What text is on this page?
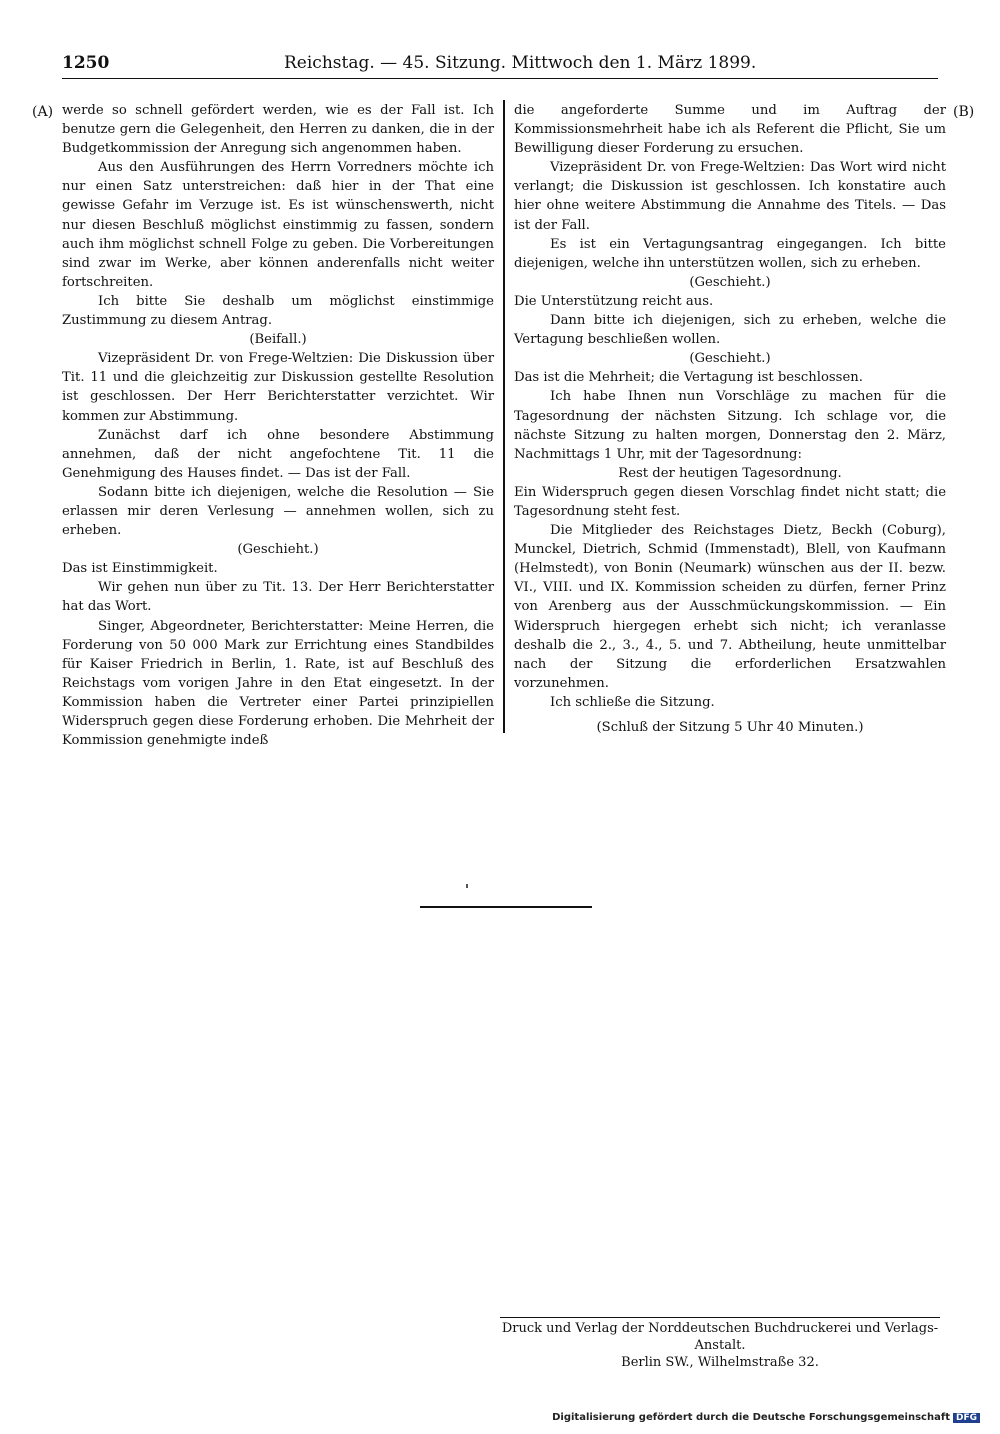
1250	Reichstag. — 45. Sitzung. Mittwoch den 1. März 1899.
(A)	(B)

werde so schnell gefördert werden, wie es der Fall ist. Ich benutze gern die Gelegenheit, den Herren zu danken, die in der Budgetkommission der Anregung sich angenommen haben.

Aus den Ausführungen des Herrn Vorredners möchte ich nur einen Satz unterstreichen: daß hier in der That eine gewisse Gefahr im Verzuge ist. Es ist wünschenswerth, nicht nur diesen Beschluß möglichst einstimmig zu fassen, sondern auch ihm möglichst schnell Folge zu geben. Die Vorbereitungen sind zwar im Werke, aber können anderenfalls nicht weiter fortschreiten.

Ich bitte Sie deshalb um möglichst einstimmige Zustimmung zu diesem Antrag.

(Beifall.)

Vizepräsident Dr. von Frege-Weltzien: Die Diskussion über Tit. 11 und die gleichzeitig zur Diskussion gestellte Resolution ist geschlossen. Der Herr Berichterstatter verzichtet. Wir kommen zur Abstimmung.

Zunächst darf ich ohne besondere Abstimmung annehmen, daß der nicht angefochtene Tit. 11 die Genehmigung des Hauses findet. — Das ist der Fall.

Sodann bitte ich diejenigen, welche die Resolution — Sie erlassen mir deren Verlesung — annehmen wollen, sich zu erheben.

(Geschieht.)

Das ist Einstimmigkeit.

Wir gehen nun über zu Tit. 13. Der Herr Berichterstatter hat das Wort.

Singer, Abgeordneter, Berichterstatter: Meine Herren, die Forderung von 50 000 Mark zur Errichtung eines Standbildes für Kaiser Friedrich in Berlin, 1. Rate, ist auf Beschluß des Reichstags vom vorigen Jahre in den Etat eingesetzt. In der Kommission haben die Vertreter einer Partei prinzipiellen Widerspruch gegen diese Forderung erhoben. Die Mehrheit der Kommission genehmigte indeß

die angeforderte Summe und im Auftrag der Kommissionsmehrheit habe ich als Referent die Pflicht, Sie um Bewilligung dieser Forderung zu ersuchen.

Vizepräsident Dr. von Frege-Weltzien: Das Wort wird nicht verlangt; die Diskussion ist geschlossen. Ich konstatire auch hier ohne weitere Abstimmung die Annahme des Titels. — Das ist der Fall.

Es ist ein Vertagungsantrag eingegangen. Ich bitte diejenigen, welche ihn unterstützen wollen, sich zu erheben.

(Geschieht.)

Die Unterstützung reicht aus.

Dann bitte ich diejenigen, sich zu erheben, welche die Vertagung beschließen wollen.

(Geschieht.)

Das ist die Mehrheit; die Vertagung ist beschlossen.

Ich habe Ihnen nun Vorschläge zu machen für die Tagesordnung der nächsten Sitzung. Ich schlage vor, die nächste Sitzung zu halten morgen, Donnerstag den 2. März, Nachmittags 1 Uhr, mit der Tagesordnung:

Rest der heutigen Tagesordnung.

Ein Widerspruch gegen diesen Vorschlag findet nicht statt; die Tagesordnung steht fest.

Die Mitglieder des Reichstages Dietz, Beckh (Coburg), Munckel, Dietrich, Schmid (Immenstadt), Blell, von Kaufmann (Helmstedt), von Bonin (Neumark) wünschen aus der II. bezw. VI., VIII. und IX. Kommission scheiden zu dürfen, ferner Prinz von Arenberg aus der Ausschmückungskommission. — Ein Widerspruch hiergegen erhebt sich nicht; ich veranlasse deshalb die 2., 3., 4., 5. und 7. Abtheilung, heute unmittelbar nach der Sitzung die erforderlichen Ersatzwahlen vorzunehmen.

Ich schließe die Sitzung.

(Schluß der Sitzung 5 Uhr 40 Minuten.)

Druck und Verlag der Norddeutschen Buchdruckerei und Verlags-Anstalt.
Berlin SW., Wilhelmstraße 32.
Digitalisierung gefördert durch die Deutsche Forschungsgemeinschaft DFG
